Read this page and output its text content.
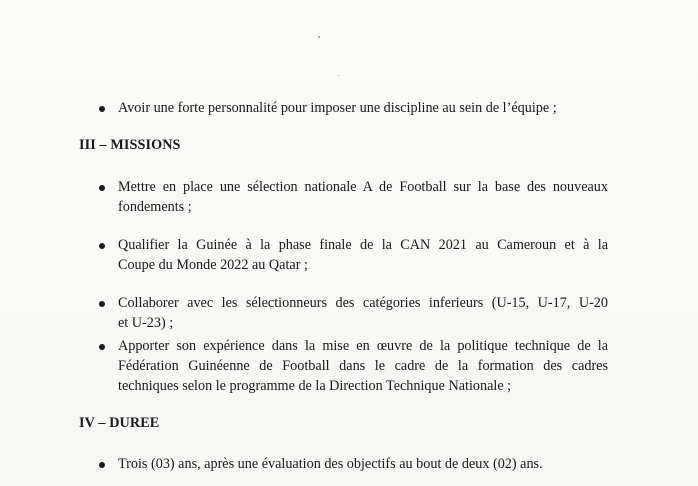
Avoir une forte personnalité pour imposer une discipline au sein de l’équipe ;
III – MISSIONS
Mettre en place une sélection nationale A de Football sur la base des nouveaux
fondements ;
Qualifier la Guinée à la phase finale de la CAN 2021 au Cameroun et à la
Coupe du Monde 2022 au Qatar ;
Collaborer avec les sélectionneurs des catégories inferieurs (U-15, U-17, U-20
et U-23) ;
Apporter son expérience dans la mise en œuvre de la politique technique de la
Fédération Guinéenne de Football dans le cadre de la formation des cadres
techniques selon le programme de la Direction Technique Nationale ;
IV – DUREE
Trois (03) ans, après une évaluation des objectifs au bout de deux (02) ans.
